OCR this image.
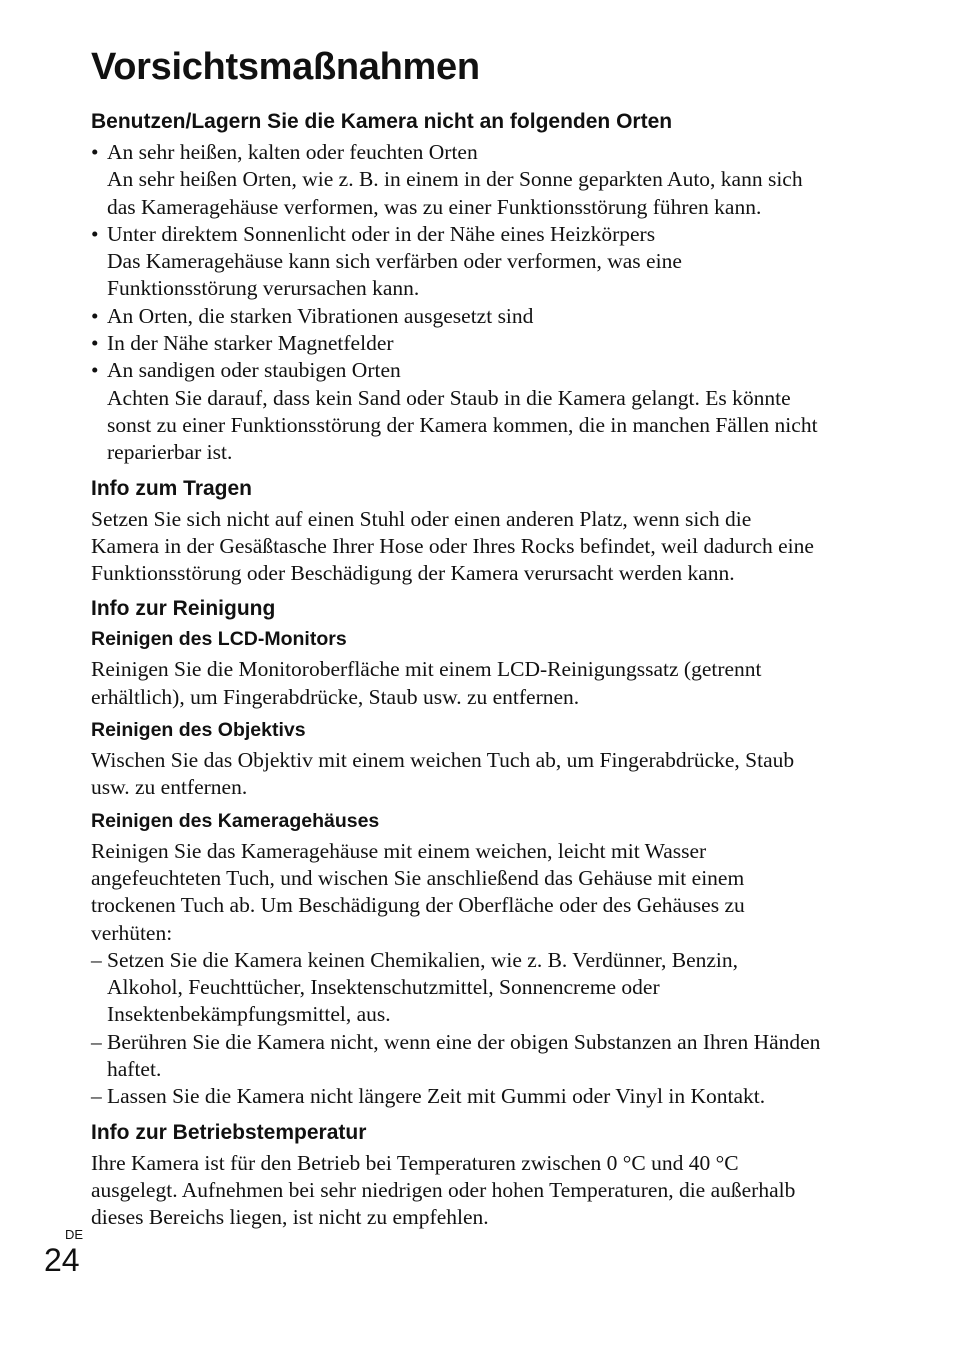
Vorsichtsmaßnahmen
Benutzen/Lagern Sie die Kamera nicht an folgenden Orten
• An sehr heißen, kalten oder feuchten Orten
An sehr heißen Orten, wie z. B. in einem in der Sonne geparkten Auto, kann sich
das Kameragehäuse verformen, was zu einer Funktionsstörung führen kann.
• Unter direktem Sonnenlicht oder in der Nähe eines Heizkörpers
Das Kameragehäuse kann sich verfärben oder verformen, was eine
Funktionsstörung verursachen kann.
• An Orten, die starken Vibrationen ausgesetzt sind
• In der Nähe starker Magnetfelder
• An sandigen oder staubigen Orten
Achten Sie darauf, dass kein Sand oder Staub in die Kamera gelangt. Es könnte
sonst zu einer Funktionsstörung der Kamera kommen, die in manchen Fällen nicht
reparierbar ist.
Info zum Tragen

Setzen Sie sich nicht auf einen Stuhl oder einen anderen Platz, wenn sich die
Kamera in der Gesäßtasche Ihrer Hose oder Ihres Rocks befindet, weil dadurch eine
Funktionsstörung oder Beschädigung der Kamera verursacht werden kann.

Info zur Reinigung
Reinigen des LCD-Monitors

Reinigen Sie die Monitoroberfläche mit einem LCD-Reinigungssatz (getrennt
erhältlich), um Fingerabdrücke, Staub usw. zu entfernen.

Reinigen des Objektivs

Wischen Sie das Objektiv mit einem weichen Tuch ab, um Fingerabdrücke, Staub
usw. zu entfernen.

Reinigen des Kameragehäuses

Reinigen Sie das Kameragehäuse mit einem weichen, leicht mit Wasser
angefeuchteten Tuch, und wischen Sie anschließend das Gehäuse mit einem
trockenen Tuch ab. Um Beschädigung der Oberfläche oder des Gehäuses zu
verhüten:

– Setzen Sie die Kamera keinen Chemikalien, wie z. B. Verdünner, Benzin,
Alkohol, Feuchttücher, Insektenschutzmittel, Sonnencreme oder
Insektenbekämpfungsmittel, aus.
– Berühren Sie die Kamera nicht, wenn eine der obigen Substanzen an Ihren Händen
haftet.
– Lassen Sie die Kamera nicht längere Zeit mit Gummi oder Vinyl in Kontakt.
Info zur Betriebstemperatur

Ihre Kamera ist für den Betrieb bei Temperaturen zwischen 0 °C und 40 °C
ausgelegt. Aufnehmen bei sehr niedrigen oder hohen Temperaturen, die außerhalb
dieses Bereichs liegen, ist nicht zu empfehlen.

DE
24
